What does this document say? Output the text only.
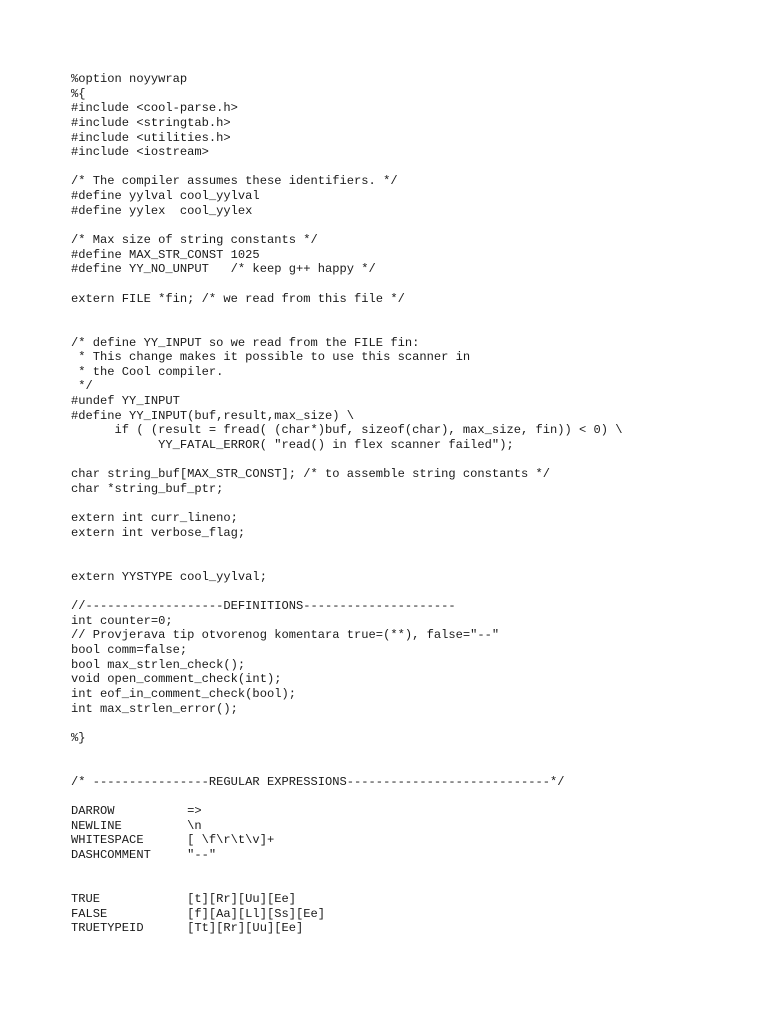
%option noyywrap
%{
#include <cool-parse.h>
#include <stringtab.h>
#include <utilities.h>
#include <iostream>

/* The compiler assumes these identifiers. */
#define yylval cool_yylval
#define yylex  cool_yylex

/* Max size of string constants */
#define MAX_STR_CONST 1025
#define YY_NO_UNPUT   /* keep g++ happy */

extern FILE *fin; /* we read from this file */

/* define YY_INPUT so we read from the FILE fin:
* This change makes it possible to use this scanner in
* the Cool compiler.
*/
#undef YY_INPUT
#define YY_INPUT(buf,result,max_size) \
if ( (result = fread( (char*)buf, sizeof(char), max_size, fin)) < 0) \
YY_FATAL_ERROR( "read() in flex scanner failed");

char string_buf[MAX_STR_CONST]; /* to assemble string constants */
char *string_buf_ptr;

extern int curr_lineno;
extern int verbose_flag;

extern YYSTYPE cool_yylval;

//-------------------DEFINITIONS---------------------
int counter=0;
// Provjerava tip otvorenog komentara true=(**), false="--"
bool comm=false;
bool max_strlen_check();
void open_comment_check(int);
int eof_in_comment_check(bool);
int max_strlen_error();

%}

/* ----------------REGULAR EXPRESSIONS----------------------------*/

DARROW          =>
NEWLINE         \n
WHITESPACE      [ \f\r\t\v]+
DASHCOMMENT     "--"

TRUE            [t][Rr][Uu][Ee]
FALSE           [f][Aa][Ll][Ss][Ee]
TRUETYPEID      [Tt][Rr][Uu][Ee]
